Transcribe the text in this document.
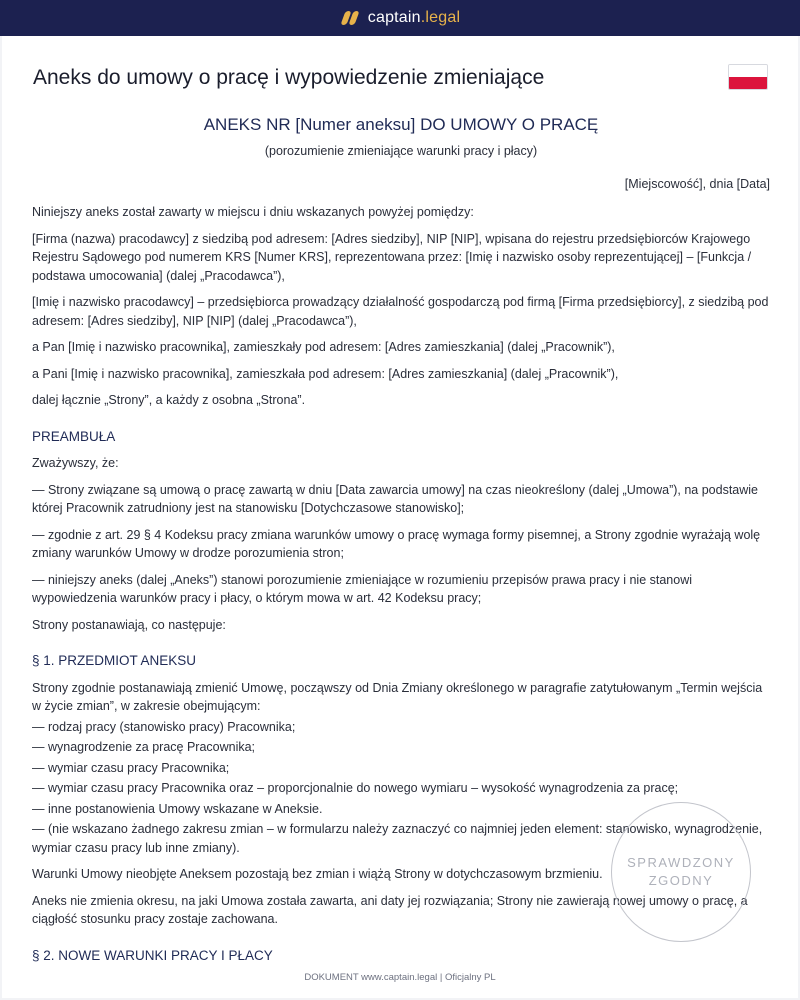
captain.legal
Aneks do umowy o pracę i wypowiedzenie zmieniające
ANEKS NR [Numer aneksu] DO UMOWY O PRACĘ
(porozumienie zmieniające warunki pracy i płacy)
[Miejscowość], dnia [Data]

Niniejszy aneks został zawarty w miejscu i dniu wskazanych powyżej pomiędzy:

[Firma (nazwa) pracodawcy] z siedzibą pod adresem: [Adres siedziby], NIP [NIP], wpisana do rejestru przedsiębiorców Krajowego Rejestru Sądowego pod numerem KRS [Numer KRS], reprezentowana przez: [Imię i nazwisko osoby reprezentującej] – [Funkcja / podstawa umocowania] (dalej „Pracodawca”),

[Imię i nazwisko pracodawcy] – przedsiębiorca prowadzący działalność gospodarczą pod firmą [Firma przedsiębiorcy], z siedzibą pod adresem: [Adres siedziby], NIP [NIP] (dalej „Pracodawca”),

a Pan [Imię i nazwisko pracownika], zamieszkały pod adresem: [Adres zamieszkania] (dalej „Pracownik”),

a Pani [Imię i nazwisko pracownika], zamieszkała pod adresem: [Adres zamieszkania] (dalej „Pracownik”),

dalej łącznie „Strony”, a każdy z osobna „Strona”.

PREAMBUŁA

Zważywszy, że:

— Strony związane są umową o pracę zawartą w dniu [Data zawarcia umowy] na czas nieokreślony (dalej „Umowa”), na podstawie której Pracownik zatrudniony jest na stanowisku [Dotychczasowe stanowisko];

— zgodnie z art. 29 § 4 Kodeksu pracy zmiana warunków umowy o pracę wymaga formy pisemnej, a Strony zgodnie wyrażają wolę zmiany warunków Umowy w drodze porozumienia stron;

— niniejszy aneks (dalej „Aneks”) stanowi porozumienie zmieniające w rozumieniu przepisów prawa pracy i nie stanowi wypowiedzenia warunków pracy i płacy, o którym mowa w art. 42 Kodeksu pracy;

Strony postanawiają, co następuje:

§ 1. PRZEDMIOT ANEKSU

Strony zgodnie postanawiają zmienić Umowę, począwszy od Dnia Zmiany określonego w paragrafie zatytułowanym „Termin wejścia w życie zmian”, w zakresie obejmującym:

— rodzaj pracy (stanowisko pracy) Pracownika;

— wynagrodzenie za pracę Pracownika;

— wymiar czasu pracy Pracownika;

— wymiar czasu pracy Pracownika oraz – proporcjonalnie do nowego wymiaru – wysokość wynagrodzenia za pracę;

— inne postanowienia Umowy wskazane w Aneksie.

— (nie wskazano żadnego zakresu zmian – w formularzu należy zaznaczyć co najmniej jeden element: stanowisko, wynagrodzenie, wymiar czasu pracy lub inne zmiany).

Warunki Umowy nieobjęte Aneksem pozostają bez zmian i wiążą Strony w dotychczasowym brzmieniu.

Aneks nie zmienia okresu, na jaki Umowa została zawarta, ani daty jej rozwiązania; Strony nie zawierają nowej umowy o pracę, a ciągłość stosunku pracy zostaje zachowana.

§ 2. NOWE WARUNKI PRACY I PŁACY
SPRAWDZONY
ZGODNY
DOKUMENT www.captain.legal | Oficjalny PL
